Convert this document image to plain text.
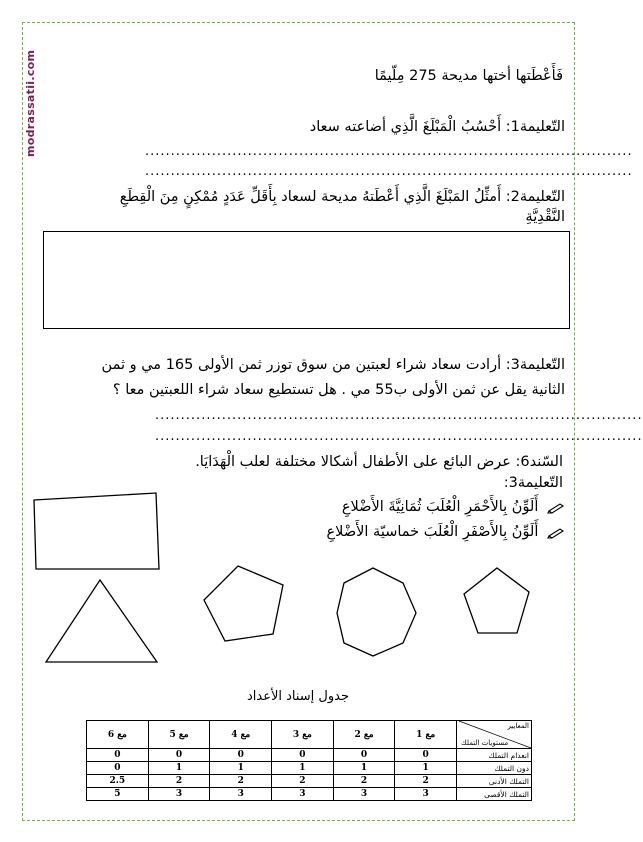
modrassatii.com	فَأَعْطَتها أختها مديحة 275 مِلّيمًا
التّعليمة1: أَحْسُبُ الْمَبْلَغَ الَّذِي أضاعته سعاد
...............................................................................................
...............................................................................................
التّعليمة2: أَمثِّلُ المَبْلَغَ الَّذِي أَعْطَتهُ مديحة لسعاد بِأَقَلِّ عَدَدٍ مُمْكِنٍ مِنَ الْقِطَعِ
النَّقْدِيَّةِ
التّعليمة3: أرادت سعاد شراء لعبتين من سوق توزر ثمن الأولى 165 مي و ثمن
الثانية يقل عن ثمن الأولى ب55 مي . هل تستطيع سعاد شراء اللعبتين معا ؟
...............................................................................................
...............................................................................................
السّند6: عرض البائع على الأطفال أشكالا مختلفة لعلب الْهَدَايَا.
التّعليمة3:
أَلَوِّنُ بِالأَحْمَرِ الْعُلَبَ ثُمَانِيَّةَ الأَضْلاعِ
أَلَوِّنُ بِالأَصْفَرِ الْعُلَبَ خماسيّة الأَضْلاعِ
جدول إسناد الأعداد
المعايير
مستويات التملك	مع 1	مع 2	مع 3	مع 4	مع 5	مع 6
انعدام التملك	0	0	0	0	0	0
دون التملك	1	1	1	1	1	0
التملك الأدنى	2	2	2	2	2	2.5
التملك الأقصى	3	3	3	3	3	5
